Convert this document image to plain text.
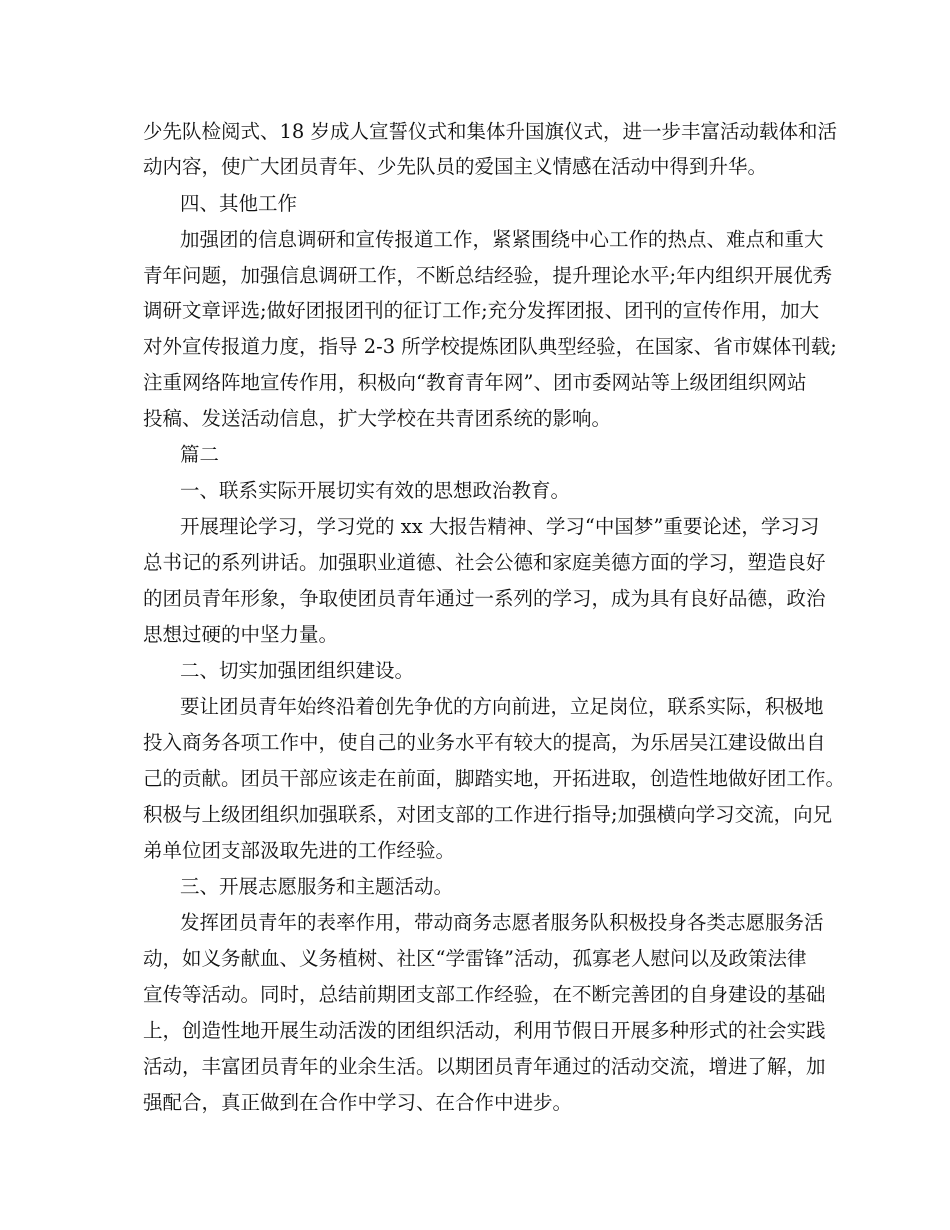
少先队检阅式、18 岁成人宣誓仪式和集体升国旗仪式，进一步丰富活动载体和活
动内容，使广大团员青年、少先队员的爱国主义情感在活动中得到升华。
四、其他工作
加强团的信息调研和宣传报道工作，紧紧围绕中心工作的热点、难点和重大
青年问题，加强信息调研工作，不断总结经验，提升理论水平;年内组织开展优秀
调研文章评选;做好团报团刊的征订工作;充分发挥团报、团刊的宣传作用，加大
对外宣传报道力度，指导 2-3 所学校提炼团队典型经验，在国家、省市媒体刊载;
注重网络阵地宣传作用，积极向“教育青年网”、团市委网站等上级团组织网站
投稿、发送活动信息，扩大学校在共青团系统的影响。
篇二
一、联系实际开展切实有效的思想政治教育。
开展理论学习，学习党的 xx 大报告精神、学习“中国梦”重要论述，学习习
总书记的系列讲话。加强职业道德、社会公德和家庭美德方面的学习，塑造良好
的团员青年形象，争取使团员青年通过一系列的学习，成为具有良好品德，政治
思想过硬的中坚力量。
二、切实加强团组织建设。
要让团员青年始终沿着创先争优的方向前进，立足岗位，联系实际，积极地
投入商务各项工作中，使自己的业务水平有较大的提高，为乐居吴江建设做出自
己的贡献。团员干部应该走在前面，脚踏实地，开拓进取，创造性地做好团工作。
积极与上级团组织加强联系，对团支部的工作进行指导;加强横向学习交流，向兄
弟单位团支部汲取先进的工作经验。
三、开展志愿服务和主题活动。
发挥团员青年的表率作用，带动商务志愿者服务队积极投身各类志愿服务活
动，如义务献血、义务植树、社区“学雷锋”活动，孤寡老人慰问以及政策法律
宣传等活动。同时，总结前期团支部工作经验，在不断完善团的自身建设的基础
上，创造性地开展生动活泼的团组织活动，利用节假日开展多种形式的社会实践
活动，丰富团员青年的业余生活。以期团员青年通过的活动交流，增进了解，加
强配合，真正做到在合作中学习、在合作中进步。
